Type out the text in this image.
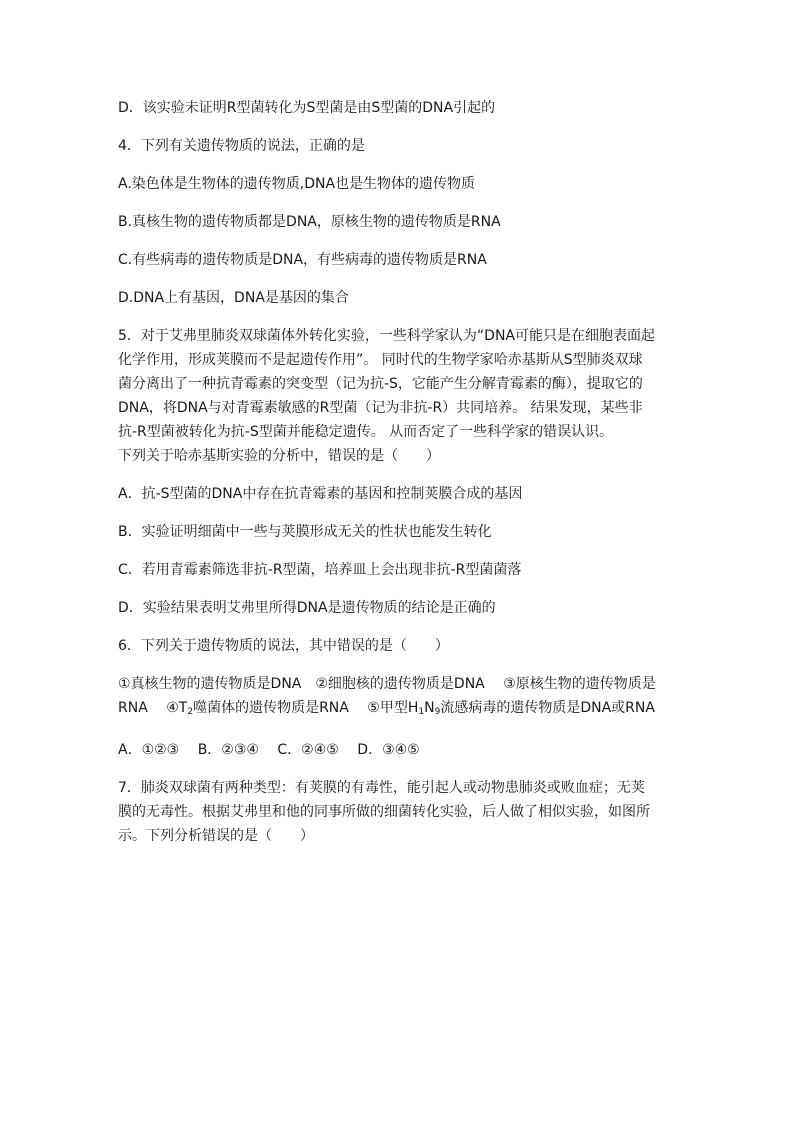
D．该实验未证明R型菌转化为S型菌是由S型菌的DNA引起的

4．下列有关遗传物质的说法，正确的是

A.染色体是生物体的遗传物质,DNA也是生物体的遗传物质

B.真核生物的遗传物质都是DNA，原核生物的遗传物质是RNA

C.有些病毒的遗传物质是DNA，有些病毒的遗传物质是RNA

D.DNA上有基因，DNA是基因的集合

5．对于艾弗里肺炎双球菌体外转化实验，一些科学家认为“DNA可能只是在细胞表面起

化学作用，形成荚膜而不是起遗传作用”。 同时代的生物学家哈赤基斯从S型肺炎双球

菌分离出了一种抗青霉素的突变型（记为抗-S，它能产生分解青霉素的酶），提取它的

DNA，将DNA与对青霉素敏感的R型菌（记为非抗-R）共同培养。 结果发现，某些非

抗-R型菌被转化为抗-S型菌并能稳定遗传。 从而否定了一些科学家的错误认识。

下列关于哈赤基斯实验的分析中，错误的是（　　）

A．抗-S型菌的DNA中存在抗青霉素的基因和控制荚膜合成的基因

B．实验证明细菌中一些与荚膜形成无关的性状也能发生转化

C．若用青霉素筛选非抗-R型菌，培养皿上会出现非抗-R型菌菌落

D．实验结果表明艾弗里所得DNA是遗传物质的结论是正确的

6．下列关于遗传物质的说法，其中错误的是（　　）

①真核生物的遗传物质是DNA　②细胞核的遗传物质是DNA　 ③原核生物的遗传物质是

RNA　 $④T_2$噬菌体的遗传物质是RNA　 ⑤甲型$H_1N_9$流感病毒的遗传物质是DNA或RNA

A．①②③ B．②③④ C．②④⑤ D．③④⑤

7．肺炎双球菌有两种类型：有荚膜的有毒性，能引起人或动物患肺炎或败血症；无荚

膜的无毒性。根据艾弗里和他的同事所做的细菌转化实验，后人做了相似实验，如图所

示。下列分析错误的是（　　）
